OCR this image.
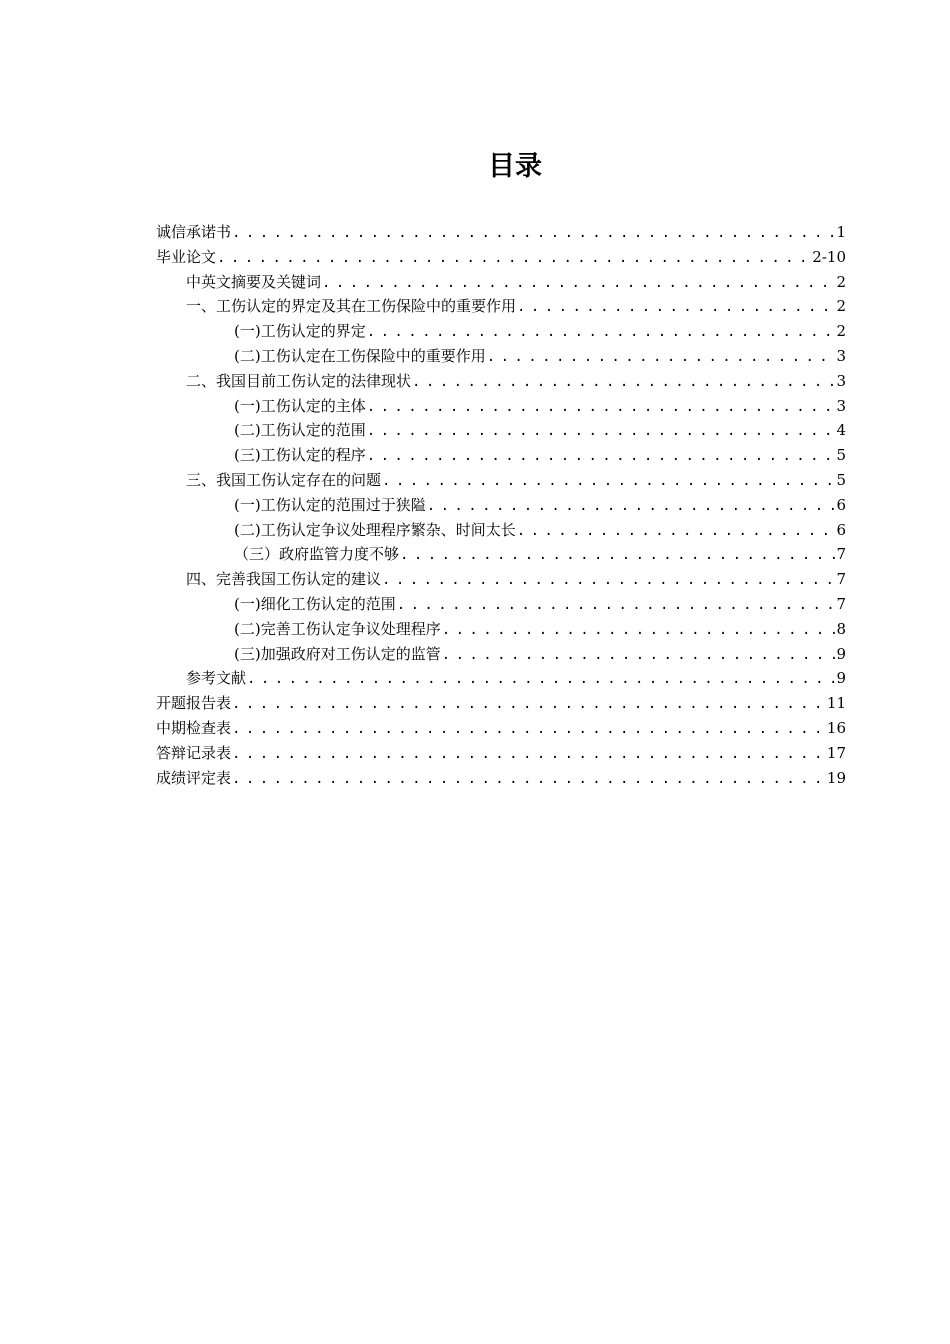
目录
诚信承诺书 . . .	1
毕业论文 . . .	2-10
中英文摘要及关键词 . . .	2
一、工伤认定的界定及其在工伤保险中的重要作用 . . .	2
(一)工伤认定的界定 . . .	2
(二)工伤认定在工伤保险中的重要作用 . . .	3
二、我国目前工伤认定的法律现状 . . .	3
(一)工伤认定的主体 . . .	3
(二)工伤认定的范围 . . .	4
(三)工伤认定的程序 . . .	5
三、我国工伤认定存在的问题 . . .	5
(一)工伤认定的范围过于狭隘 . . .	6
(二)工伤认定争议处理程序繁杂、时间太长 . . .	6
（三）政府监管力度不够 . . .	7
四、完善我国工伤认定的建议 . . .	7
(一)细化工伤认定的范围 . . .	7
(二)完善工伤认定争议处理程序 . . .	8
(三)加强政府对工伤认定的监管 . . .	9
参考文献 . . .	9
开题报告表 . . .	11
中期检查表 . . .	16
答辩记录表 . . .	17
成绩评定表 . . .	19
